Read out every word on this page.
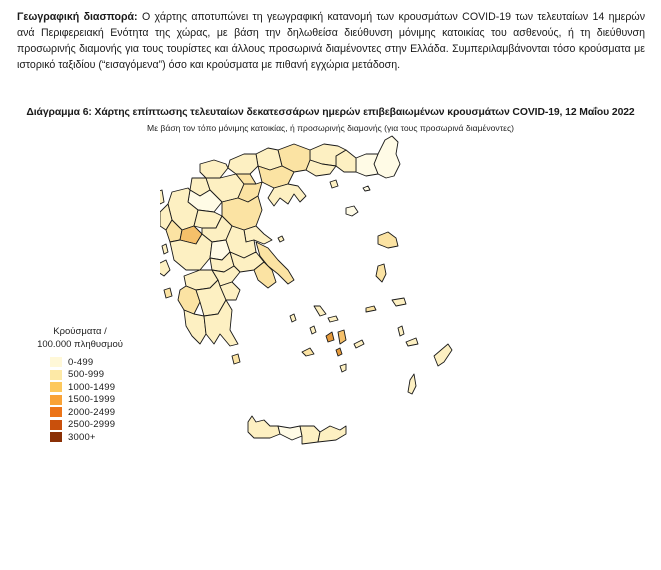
Γεωγραφική διασπορά: Ο χάρτης αποτυπώνει τη γεωγραφική κατανομή των κρουσμάτων COVID-19 των τελευταίων 14 ημερών ανά Περιφερειακή Ενότητα της χώρας, με βάση την δηλωθείσα διεύθυνση μόνιμης κατοικίας του ασθενούς, ή τη διεύθυνση προσωρινής διαμονής για τους τουρίστες και άλλους προσωρινά διαμένοντες στην Ελλάδα. Συμπεριλαμβάνονται τόσο κρούσματα με ιστορικό ταξιδίου (“εισαγόμενα”) όσο και κρούσματα με πιθανή εγχώρια μετάδοση.
Διάγραμμα 6: Χάρτης επίπτωσης τελευταίων δεκατεσσάρων ημερών επιβεβαιωμένων κρουσμάτων COVID-19, 12 Μαΐου 2022
Με βάση τον τόπο μόνιμης κατοικίας, ή προσωρινής διαμονής (για τους προσωρινά διαμένοντες)
Κρούσματα /
100.000 πληθυσμού
0-499
500-999
1000-1499
1500-1999
2000-2499
2500-2999
3000+
